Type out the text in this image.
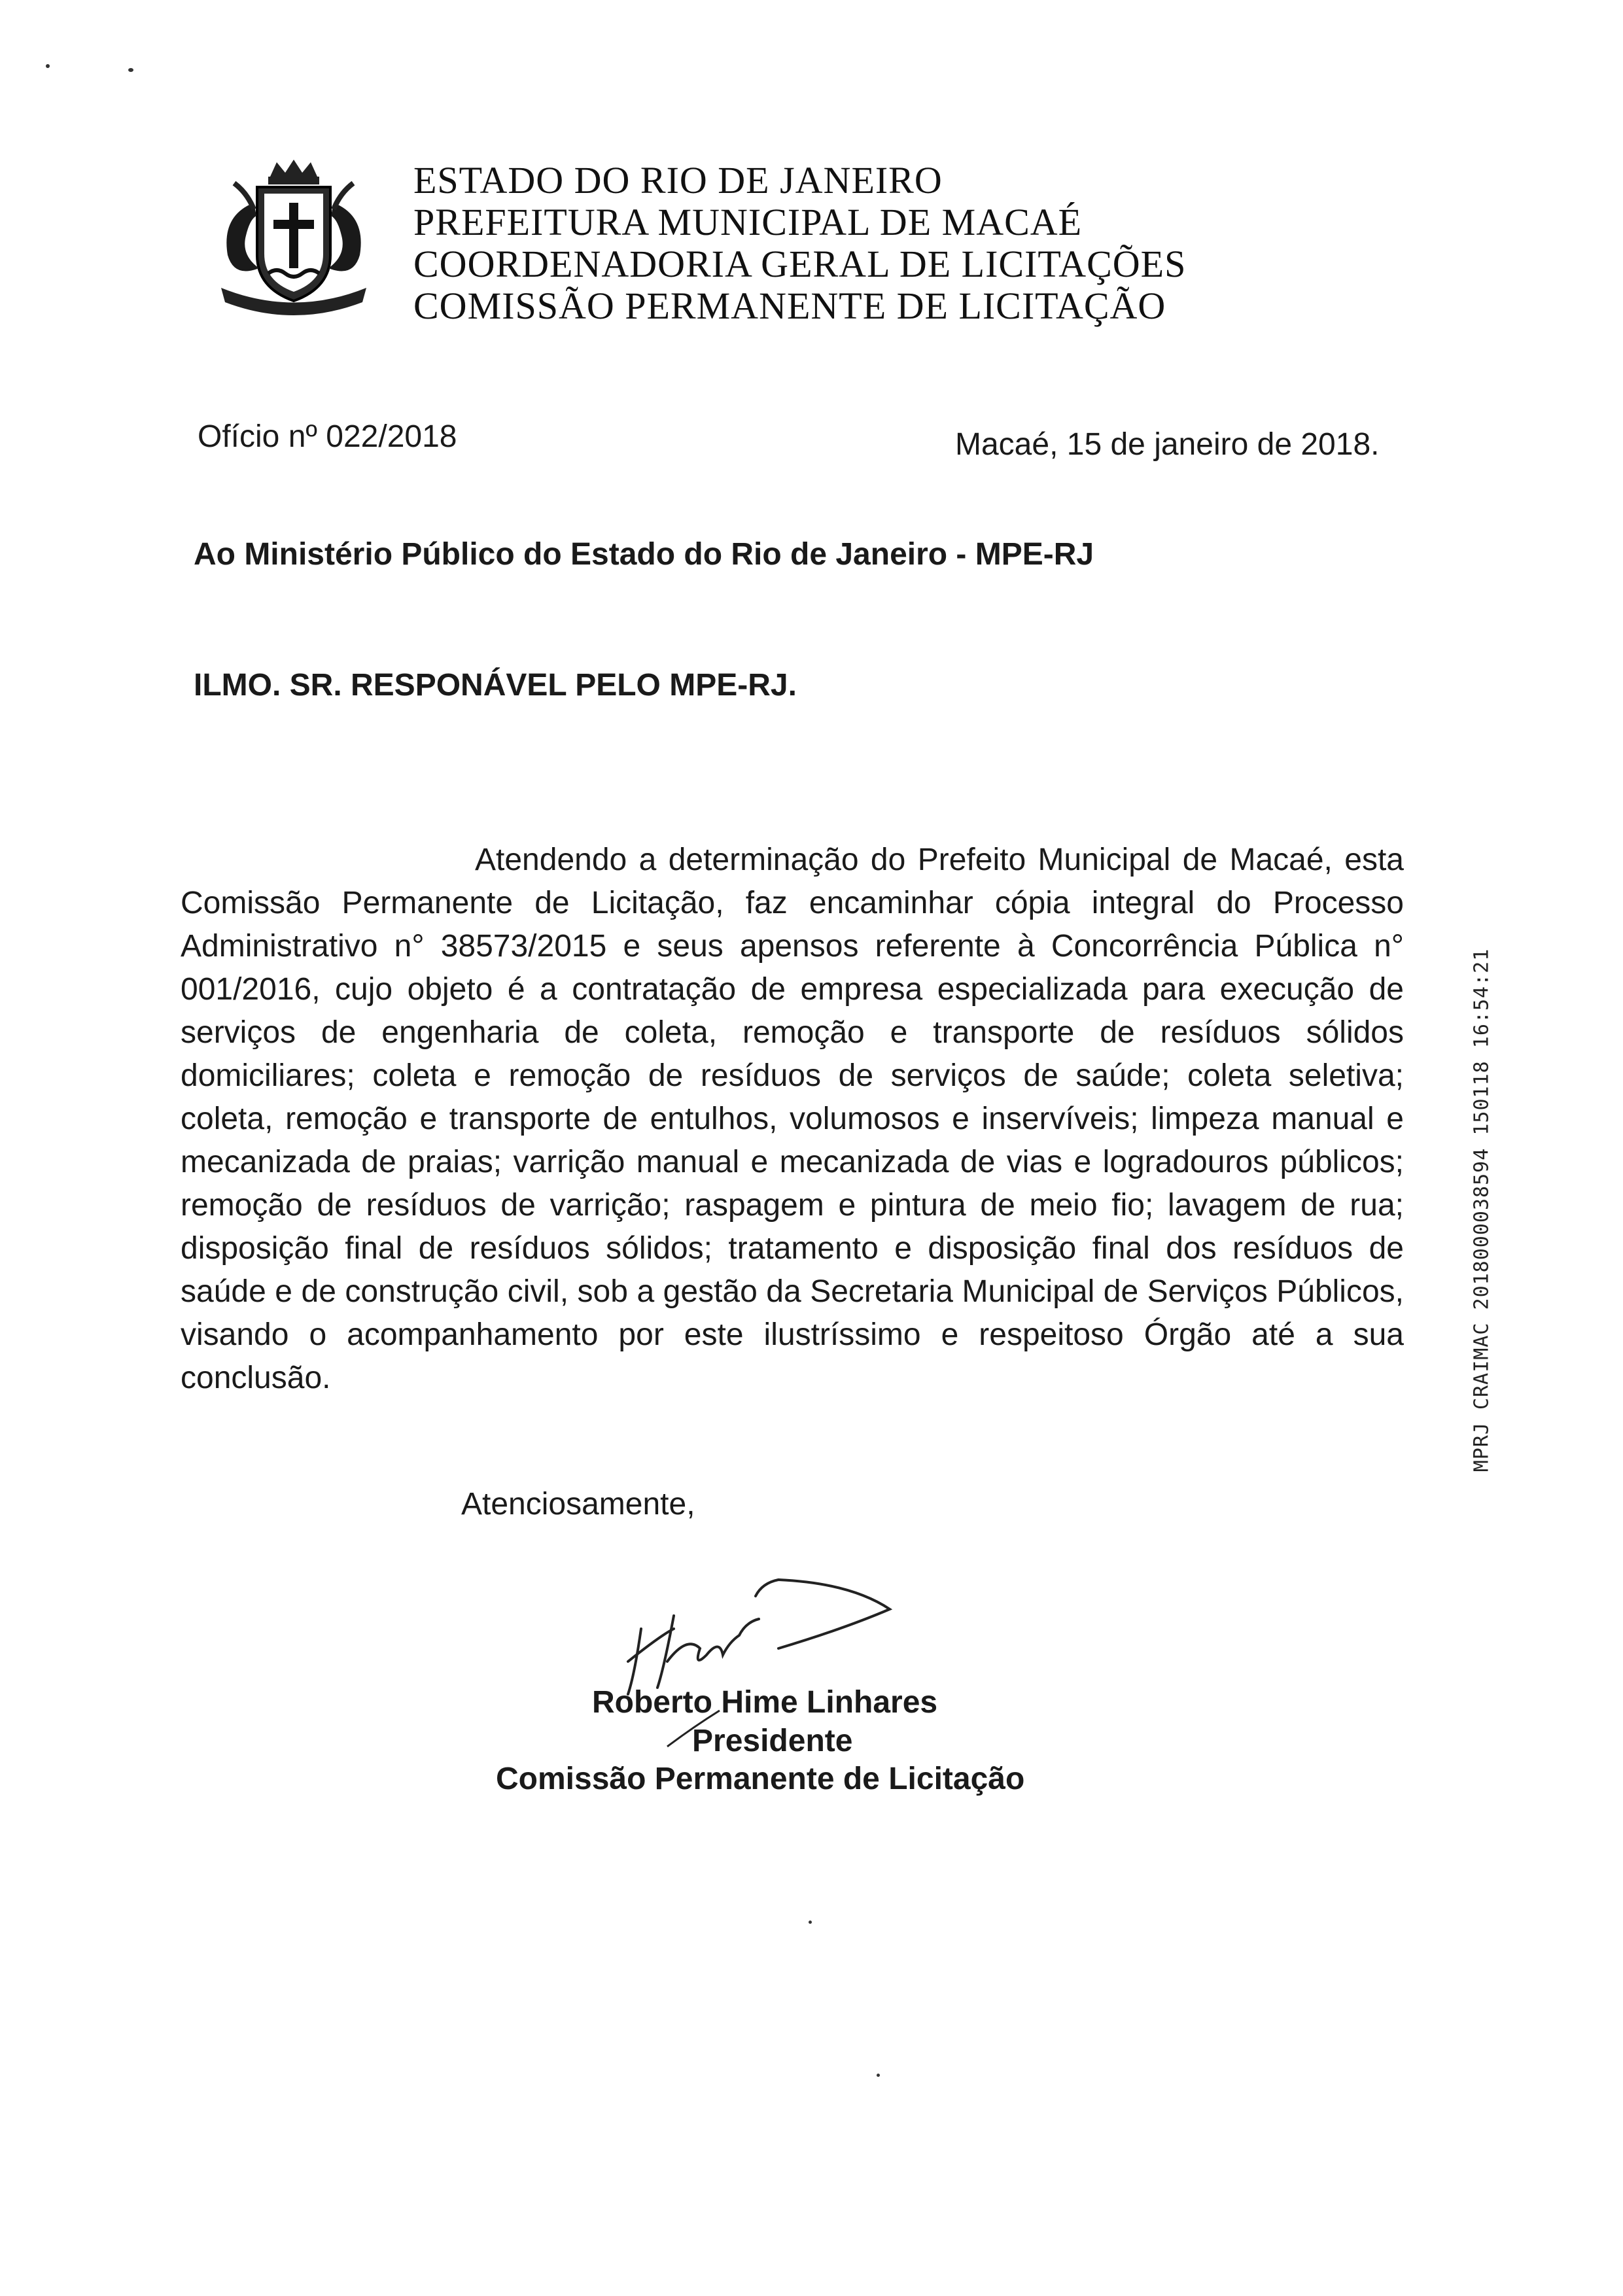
ESTADO DO RIO DE JANEIRO
PREFEITURA MUNICIPAL DE MACAÉ
COORDENADORIA GERAL DE LICITAÇÕES
COMISSÃO PERMANENTE DE LICITAÇÃO
Ofício nº 022/2018	Macaé, 15 de janeiro de 2018.
Ao Ministério Público do Estado do Rio de Janeiro - MPE-RJ
ILMO. SR. RESPONÁVEL PELO MPE-RJ.
Atendendo a determinação do Prefeito Municipal de Macaé, esta Comissão Permanente de Licitação, faz encaminhar cópia integral do Processo Administrativo n° 38573/2015 e seus apensos referente à Concorrência Pública n° 001/2016, cujo objeto é a contratação de empresa especializada para execução de serviços de engenharia de coleta, remoção e transporte de resíduos sólidos domiciliares; coleta e remoção de resíduos de serviços de saúde; coleta seletiva; coleta, remoção e transporte de entulhos, volumosos e inservíveis; limpeza manual e mecanizada de praias; varrição manual e mecanizada de vias e logradouros públicos; remoção de resíduos de varrição; raspagem e pintura de meio fio; lavagem de rua; disposição final de resíduos sólidos; tratamento e disposição final dos resíduos de saúde e de construção civil, sob a gestão da Secretaria Municipal de Serviços Públicos, visando o acompanhamento por este ilustríssimo e respeitoso Órgão até a sua conclusão.
Atenciosamente,
Roberto Hime Linhares
Presidente
Comissão Permanente de Licitação
MPRJ CRAIMAC 2018000038594 150118 16:54:21
